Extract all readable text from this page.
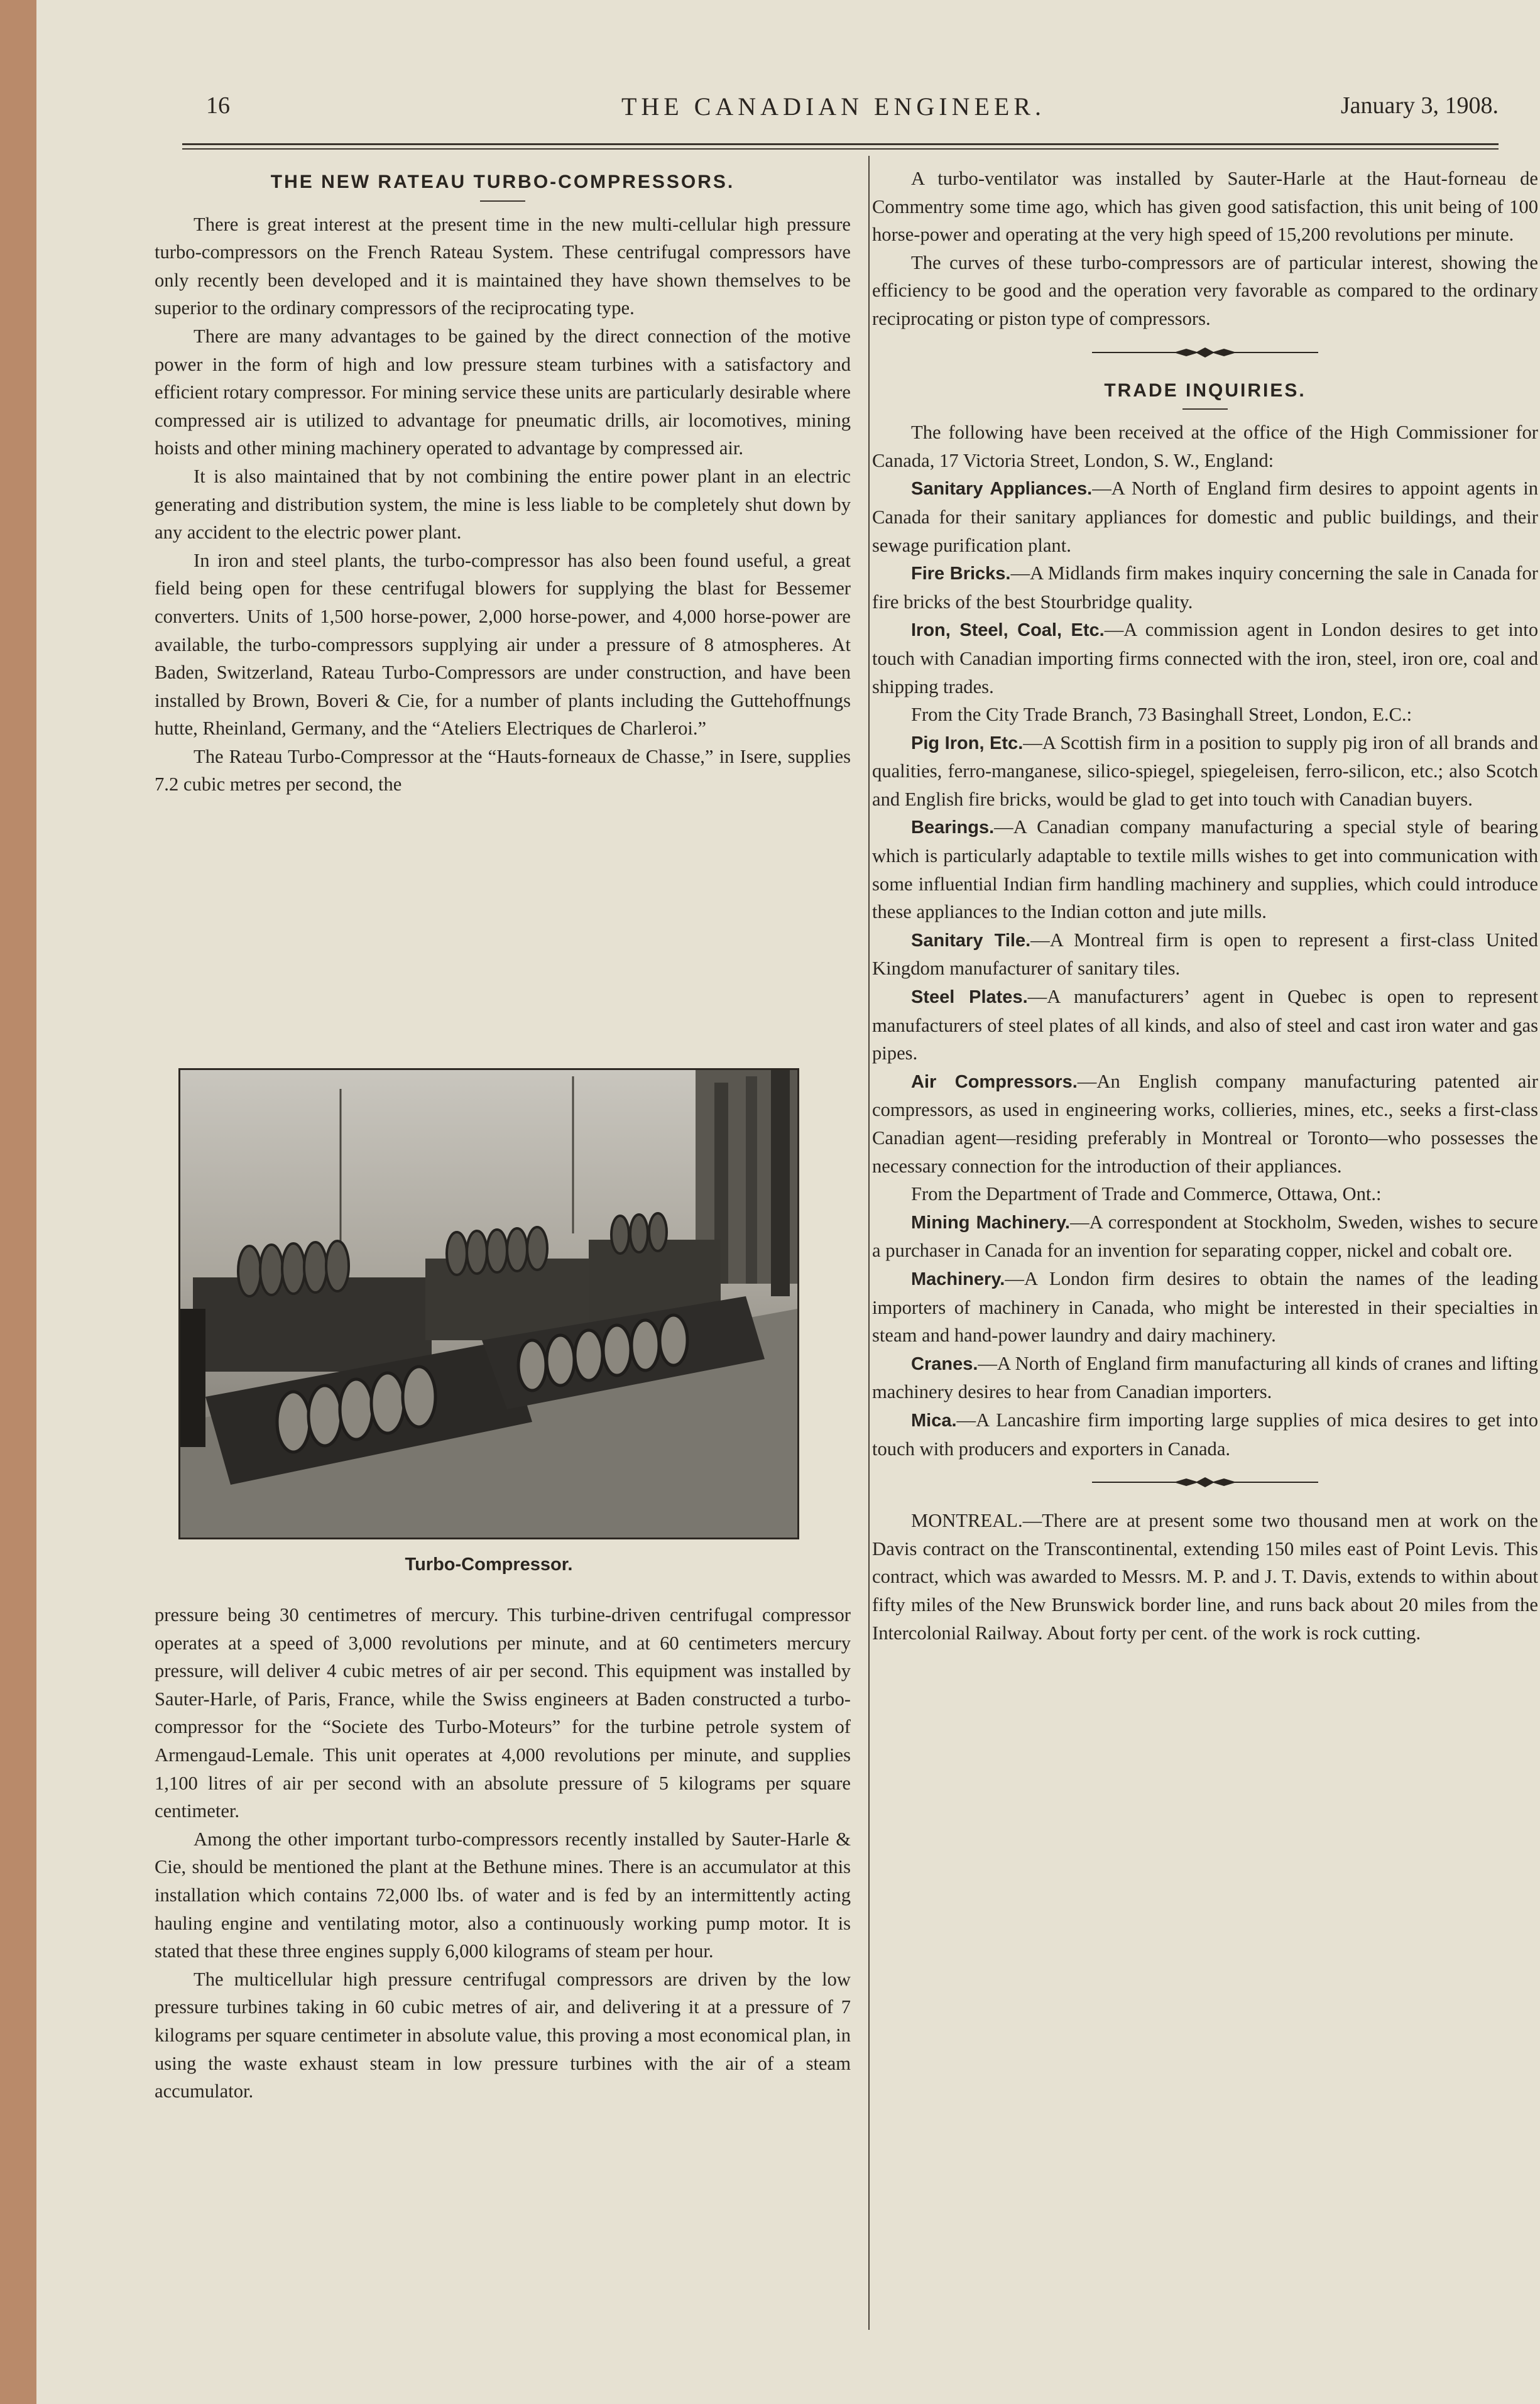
16	THE CANADIAN ENGINEER.	January 3, 1908.
THE NEW RATEAU TURBO-COMPRESSORS.

There is great interest at the present time in the new multi-cellular high pressure turbo-compressors on the French Rateau System. These centrifugal compressors have only recently been developed and it is maintained they have shown themselves to be superior to the ordinary compressors of the reciprocating type.

There are many advantages to be gained by the direct connection of the motive power in the form of high and low pressure steam turbines with a satisfactory and efficient rotary compressor. For mining service these units are particularly desirable where compressed air is utilized to advantage for pneumatic drills, air locomotives, mining hoists and other mining machinery operated to advantage by compressed air.

It is also maintained that by not combining the entire power plant in an electric generating and distribution system, the mine is less liable to be completely shut down by any accident to the electric power plant.

In iron and steel plants, the turbo-compressor has also been found useful, a great field being open for these centrifugal blowers for supplying the blast for Bessemer converters. Units of 1,500 horse-power, 2,000 horse-power, and 4,000 horse-power are available, the turbo-compressors supplying air under a pressure of 8 atmospheres. At Baden, Switzerland, Rateau Turbo-Compressors are under construction, and have been installed by Brown, Boveri & Cie, for a number of plants including the Guttehoffnungs hutte, Rheinland, Germany, and the “Ateliers Electriques de Charleroi.”

The Rateau Turbo-Compressor at the “Hauts-forneaux de Chasse,” in Isere, supplies 7.2 cubic metres per second, the

Turbo-Compressor.

pressure being 30 centimetres of mercury. This turbine-driven centrifugal compressor operates at a speed of 3,000 revolutions per minute, and at 60 centimeters mercury pressure, will deliver 4 cubic metres of air per second. This equipment was installed by Sauter-Harle, of Paris, France, while the Swiss engineers at Baden constructed a turbo-compressor for the “Societe des Turbo-Moteurs” for the turbine petrole system of Armengaud-Lemale. This unit operates at 4,000 revolutions per minute, and supplies 1,100 litres of air per second with an absolute pressure of 5 kilograms per square centimeter.

Among the other important turbo-compressors recently installed by Sauter-Harle & Cie, should be mentioned the plant at the Bethune mines. There is an accumulator at this installation which contains 72,000 lbs. of water and is fed by an intermittently acting hauling engine and ventilating motor, also a continuously working pump motor. It is stated that these three engines supply 6,000 kilograms of steam per hour.

The multicellular high pressure centrifugal compressors are driven by the low pressure turbines taking in 60 cubic metres of air, and delivering it at a pressure of 7 kilograms per square centimeter in absolute value, this proving a most economical plan, in using the waste exhaust steam in low pressure turbines with the air of a steam accumulator.

A turbo-ventilator was installed by Sauter-Harle at the Haut-forneau de Commentry some time ago, which has given good satisfaction, this unit being of 100 horse-power and operating at the very high speed of 15,200 revolutions per minute.

The curves of these turbo-compressors are of particular interest, showing the efficiency to be good and the operation very favorable as compared to the ordinary reciprocating or piston type of compressors.

TRADE INQUIRIES.

The following have been received at the office of the High Commissioner for Canada, 17 Victoria Street, London, S. W., England:

Sanitary Appliances.—A North of England firm desires to appoint agents in Canada for their sanitary appliances for domestic and public buildings, and their sewage purification plant.

Fire Bricks.—A Midlands firm makes inquiry concerning the sale in Canada for fire bricks of the best Stourbridge quality.

Iron, Steel, Coal, Etc.—A commission agent in London desires to get into touch with Canadian importing firms connected with the iron, steel, iron ore, coal and shipping trades.

From the City Trade Branch, 73 Basinghall Street, London, E.C.:

Pig Iron, Etc.—A Scottish firm in a position to supply pig iron of all brands and qualities, ferro-manganese, silico-spiegel, spiegeleisen, ferro-silicon, etc.; also Scotch and English fire bricks, would be glad to get into touch with Canadian buyers.

Bearings.—A Canadian company manufacturing a special style of bearing which is particularly adaptable to textile mills wishes to get into communication with some influential Indian firm handling machinery and supplies, which could introduce these appliances to the Indian cotton and jute mills.

Sanitary Tile.—A Montreal firm is open to represent a first-class United Kingdom manufacturer of sanitary tiles.

Steel Plates.—A manufacturers’ agent in Quebec is open to represent manufacturers of steel plates of all kinds, and also of steel and cast iron water and gas pipes.

Air Compressors.—An English company manufacturing patented air compressors, as used in engineering works, collieries, mines, etc., seeks a first-class Canadian agent—residing preferably in Montreal or Toronto—who possesses the necessary connection for the introduction of their appliances.

From the Department of Trade and Commerce, Ottawa, Ont.:

Mining Machinery.—A correspondent at Stockholm, Sweden, wishes to secure a purchaser in Canada for an invention for separating copper, nickel and cobalt ore.

Machinery.—A London firm desires to obtain the names of the leading importers of machinery in Canada, who might be interested in their specialties in steam and hand-power laundry and dairy machinery.

Cranes.—A North of England firm manufacturing all kinds of cranes and lifting machinery desires to hear from Canadian importers.

Mica.—A Lancashire firm importing large supplies of mica desires to get into touch with producers and exporters in Canada.

MONTREAL.—There are at present some two thousand men at work on the Davis contract on the Transcontinental, extending 150 miles east of Point Levis. This contract, which was awarded to Messrs. M. P. and J. T. Davis, extends to within about fifty miles of the New Brunswick border line, and runs back about 20 miles from the Intercolonial Railway. About forty per cent. of the work is rock cutting.
